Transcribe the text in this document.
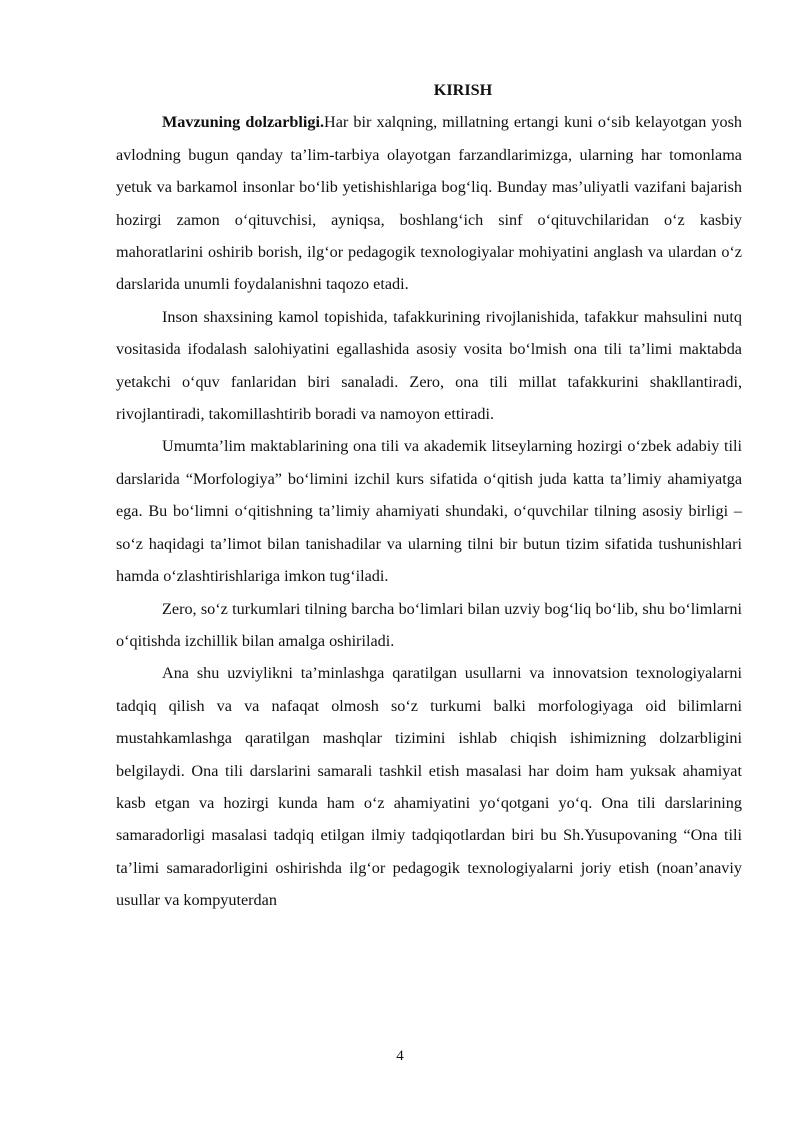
KIRISH

Mavzuning dolzarbligi.Har bir xalqning, millatning ertangi kuni o‘sib kelayotgan yosh avlodning bugun qanday ta’lim-tarbiya olayotgan farzandlarimizga, ularning har tomonlama yetuk va barkamol insonlar bo‘lib yetishishlariga bog‘liq. Bunday mas’uliyatli vazifani bajarish hozirgi zamon o‘qituvchisi, ayniqsa, boshlang‘ich sinf o‘qituvchilaridan o‘z kasbiy mahoratlarini oshirib borish, ilg‘or pedagogik texnologiyalar mohiyatini anglash va ulardan o‘z darslarida unumli foydalanishni taqozo etadi.

Inson shaxsining kamol topishida, tafakkurining rivojlanishida, tafakkur mahsulini nutq vositasida ifodalash salohiyatini egallashida asosiy vosita bo‘lmish ona tili ta’limi maktabda yetakchi o‘quv fanlaridan biri sanaladi. Zero, ona tili millat tafakkurini shakllantiradi, rivojlantiradi, takomillashtirib boradi va namoyon ettiradi.

Umumta’lim maktablarining ona tili va akademik litseylarning hozirgi o‘zbek adabiy tili darslarida “Morfologiya” bo‘limini izchil kurs sifatida o‘qitish juda katta ta’limiy ahamiyatga ega. Bu bo‘limni o‘qitishning ta’limiy ahamiyati shundaki, o‘quvchilar tilning asosiy birligi – so‘z haqidagi ta’limot bilan tanishadilar va ularning tilni bir butun tizim sifatida tushunishlari hamda o‘zlashtirishlariga imkon tug‘iladi.

Zero, so‘z turkumlari tilning barcha bo‘limlari bilan uzviy bog‘liq bo‘lib, shu bo‘limlarni o‘qitishda izchillik bilan amalga oshiriladi.

Ana shu uzviylikni ta’minlashga qaratilgan usullarni va innovatsion texnologiyalarni tadqiq qilish va va nafaqat olmosh so‘z turkumi balki morfologiyaga oid bilimlarni mustahkamlashga qaratilgan mashqlar tizimini ishlab chiqish ishimizning dolzarbligini belgilaydi. Ona tili darslarini samarali tashkil etish masalasi har doim ham yuksak ahamiyat kasb etgan va hozirgi kunda ham o‘z ahamiyatini yo‘qotgani yo‘q. Ona tili darslarining samaradorligi masalasi tadqiq etilgan ilmiy tadqiqotlardan biri bu Sh.Yusupovaning “Ona tili ta’limi samaradorligini oshirishda ilg‘or pedagogik texnologiyalarni joriy etish (noan’anaviy usullar va kompyuterdan

4
